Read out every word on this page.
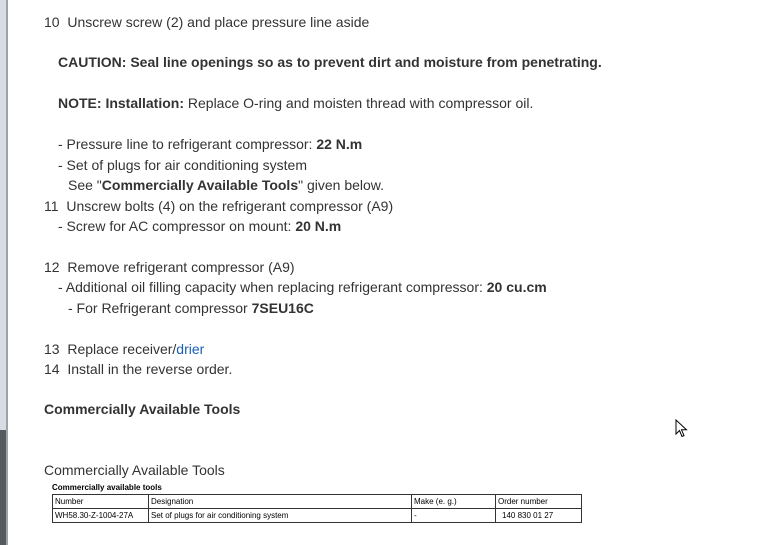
10 Unscrew screw (2) and place pressure line aside
CAUTION: Seal line openings so as to prevent dirt and moisture from penetrating.
NOTE: Installation: Replace O-ring and moisten thread with compressor oil.
- Pressure line to refrigerant compressor: 22 N.m
- Set of plugs for air conditioning system
See "Commercially Available Tools" given below.
11 Unscrew bolts (4) on the refrigerant compressor (A9)
- Screw for AC compressor on mount: 20 N.m
12 Remove refrigerant compressor (A9)
- Additional oil filling capacity when replacing refrigerant compressor: 20 cu.cm
- For Refrigerant compressor 7SEU16C
13 Replace receiver/drier
14 Install in the reverse order.
Commercially Available Tools
Commercially Available Tools
Commercially available tools
Number	Designation	Make (e. g.)	Order number
WH58.30-Z-1004-27A	Set of plugs for air conditioning system	-	140 830 01 27
